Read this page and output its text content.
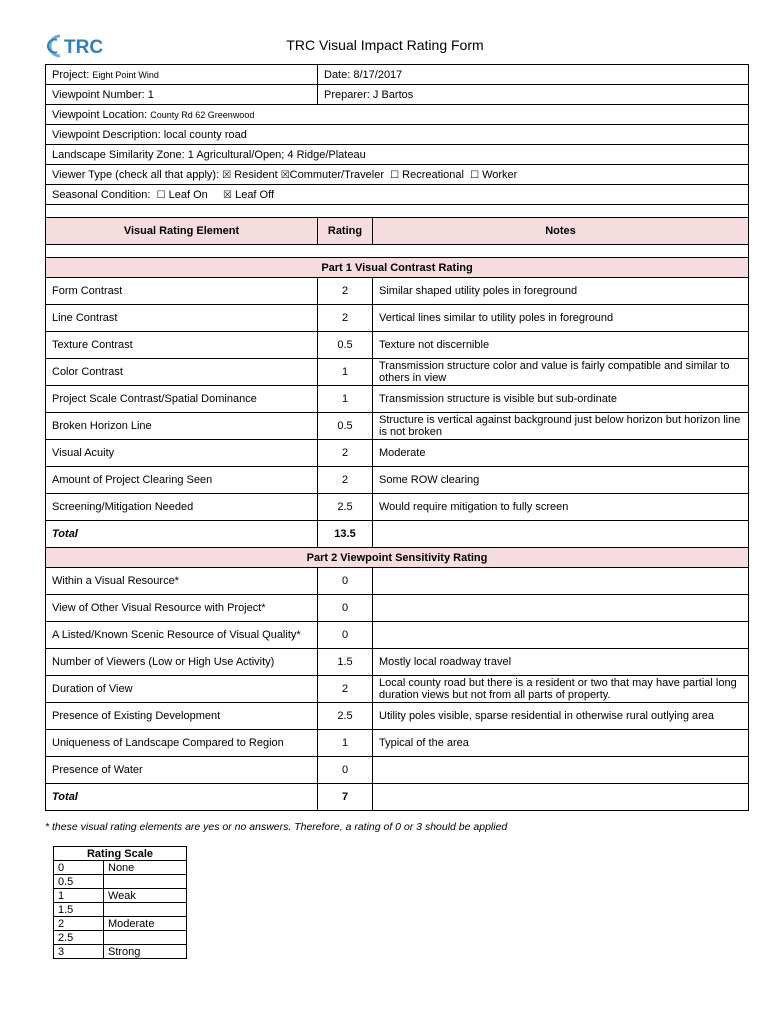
TRC	TRC Visual Impact Rating Form
Project: Eight Point Wind	Date: 8/17/2017	
Viewpoint Number: 1	Preparer: J Bartos	
Viewpoint Location: County Rd 62 Greenwood		
Viewpoint Description: local county road		
Landscape Similarity Zone: 1 Agricultural/Open; 4 Ridge/Plateau		
Viewer Type (check all that apply): ☒ Resident ☒Commuter/Traveler ☐ Recreational ☐ Worker		
Seasonal Condition: ☐ Leaf On ☒ Leaf Off		

Visual Rating Element	Rating	Notes

Part 1 Visual Contrast Rating		
Form Contrast	2	Similar shaped utility poles in foreground
Line Contrast	2	Vertical lines similar to utility poles in foreground
Texture Contrast	0.5	Texture not discernible
Color Contrast	1	Transmission structure color and value is fairly compatible and similar to others in view
Project Scale Contrast/Spatial Dominance	1	Transmission structure is visible but sub-ordinate
Broken Horizon Line	0.5	Structure is vertical against background just below horizon but horizon line is not broken
Visual Acuity	2	Moderate
Amount of Project Clearing Seen	2	Some ROW clearing
Screening/Mitigation Needed	2.5	Would require mitigation to fully screen
Total	13.5	
Part 2 Viewpoint Sensitivity Rating		
Within a Visual Resource*	0	
View of Other Visual Resource with Project*	0	
A Listed/Known Scenic Resource of Visual Quality*	0	
Number of Viewers (Low or High Use Activity)	1.5	Mostly local roadway travel
Duration of View	2	Local county road but there is a resident or two that may have partial long duration views but not from all parts of property.
Presence of Existing Development	2.5	Utility poles visible, sparse residential in otherwise rural outlying area
Uniqueness of Landscape Compared to Region	1	Typical of the area
Presence of Water	0	
Total	7	
* these visual rating elements are yes or no answers. Therefore, a rating of 0 or 3 should be applied
Rating Scale	
0	None
0.5	
1	Weak
1.5	
2	Moderate
2.5	
3	Strong
